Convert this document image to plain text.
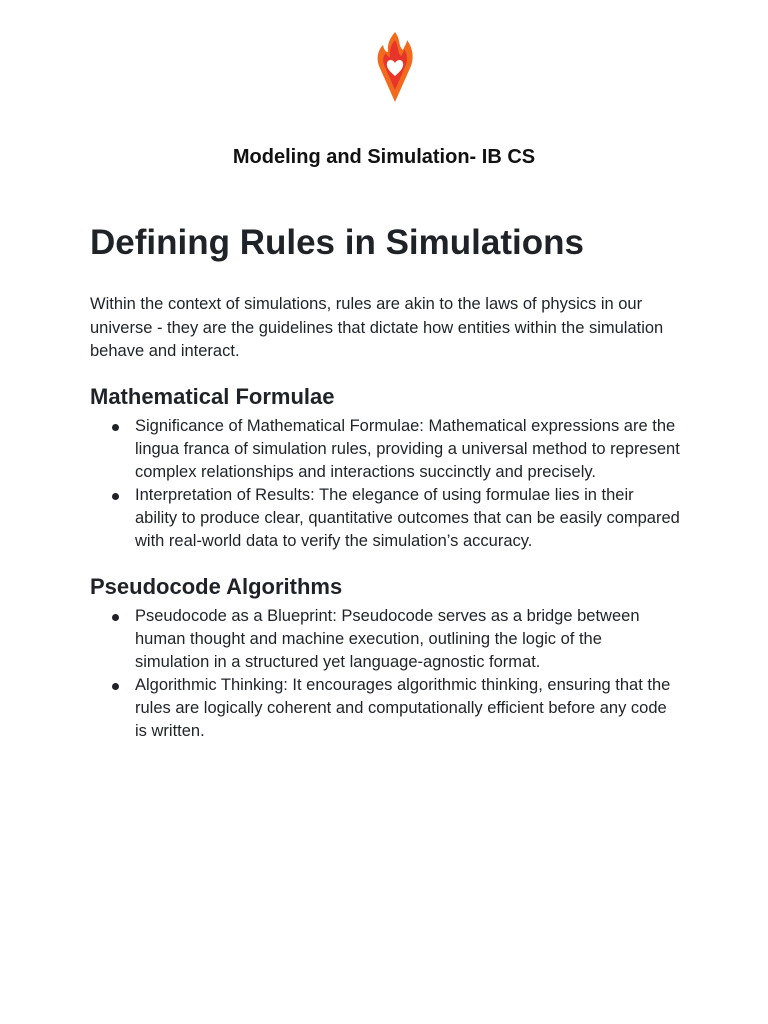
Modeling and Simulation- IB CS
Defining Rules in Simulations

Within the context of simulations, rules are akin to the laws of physics in our universe - they are the guidelines that dictate how entities within the simulation behave and interact.

Mathematical Formulae
Significance of Mathematical Formulae: Mathematical expressions are the lingua franca of simulation rules, providing a universal method to represent complex relationships and interactions succinctly and precisely.
Interpretation of Results: The elegance of using formulae lies in their ability to produce clear, quantitative outcomes that can be easily compared with real-world data to verify the simulation’s accuracy.
Pseudocode Algorithms
Pseudocode as a Blueprint: Pseudocode serves as a bridge between human thought and machine execution, outlining the logic of the simulation in a structured yet language-agnostic format.
Algorithmic Thinking: It encourages algorithmic thinking, ensuring that the rules are logically coherent and computationally efficient before any code is written.
